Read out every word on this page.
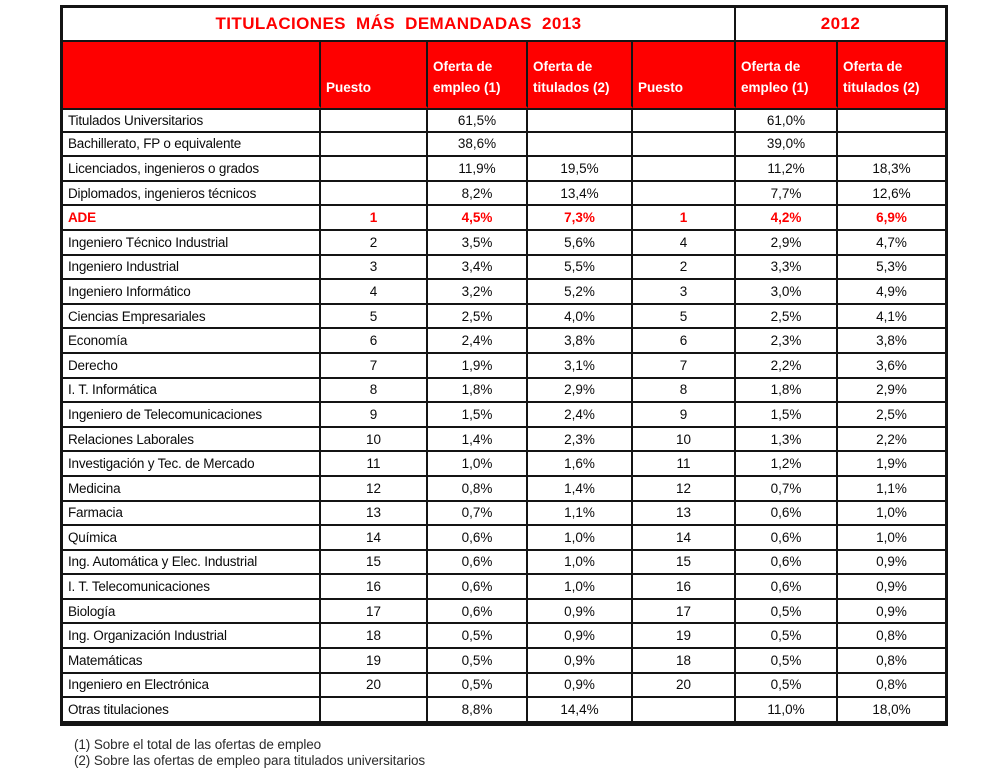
TITULACIONES MÁS DEMANDADAS 2013					2012	
	Puesto	Oferta de empleo (1)	Oferta de titulados (2)	Puesto	Oferta de empleo (1)	Oferta de titulados (2)
Titulados Universitarios		61,5%			61,0%	
Bachillerato, FP o equivalente		38,6%			39,0%	
Licenciados, ingenieros o grados		11,9%	19,5%		11,2%	18,3%
Diplomados, ingenieros técnicos		8,2%	13,4%		7,7%	12,6%
ADE	1	4,5%	7,3%	1	4,2%	6,9%
Ingeniero Técnico Industrial	2	3,5%	5,6%	4	2,9%	4,7%
Ingeniero Industrial	3	3,4%	5,5%	2	3,3%	5,3%
Ingeniero Informático	4	3,2%	5,2%	3	3,0%	4,9%
Ciencias Empresariales	5	2,5%	4,0%	5	2,5%	4,1%
Economía	6	2,4%	3,8%	6	2,3%	3,8%
Derecho	7	1,9%	3,1%	7	2,2%	3,6%
I. T. Informática	8	1,8%	2,9%	8	1,8%	2,9%
Ingeniero de Telecomunicaciones	9	1,5%	2,4%	9	1,5%	2,5%
Relaciones Laborales	10	1,4%	2,3%	10	1,3%	2,2%
Investigación y Tec. de Mercado	11	1,0%	1,6%	11	1,2%	1,9%
Medicina	12	0,8%	1,4%	12	0,7%	1,1%
Farmacia	13	0,7%	1,1%	13	0,6%	1,0%
Química	14	0,6%	1,0%	14	0,6%	1,0%
Ing. Automática y Elec. Industrial	15	0,6%	1,0%	15	0,6%	0,9%
I. T. Telecomunicaciones	16	0,6%	1,0%	16	0,6%	0,9%
Biología	17	0,6%	0,9%	17	0,5%	0,9%
Ing. Organización Industrial	18	0,5%	0,9%	19	0,5%	0,8%
Matemáticas	19	0,5%	0,9%	18	0,5%	0,8%
Ingeniero en Electrónica	20	0,5%	0,9%	20	0,5%	0,8%
Otras titulaciones		8,8%	14,4%		11,0%	18,0%
(1) Sobre el total de las ofertas de empleo
(2) Sobre las ofertas de empleo para titulados universitarios
